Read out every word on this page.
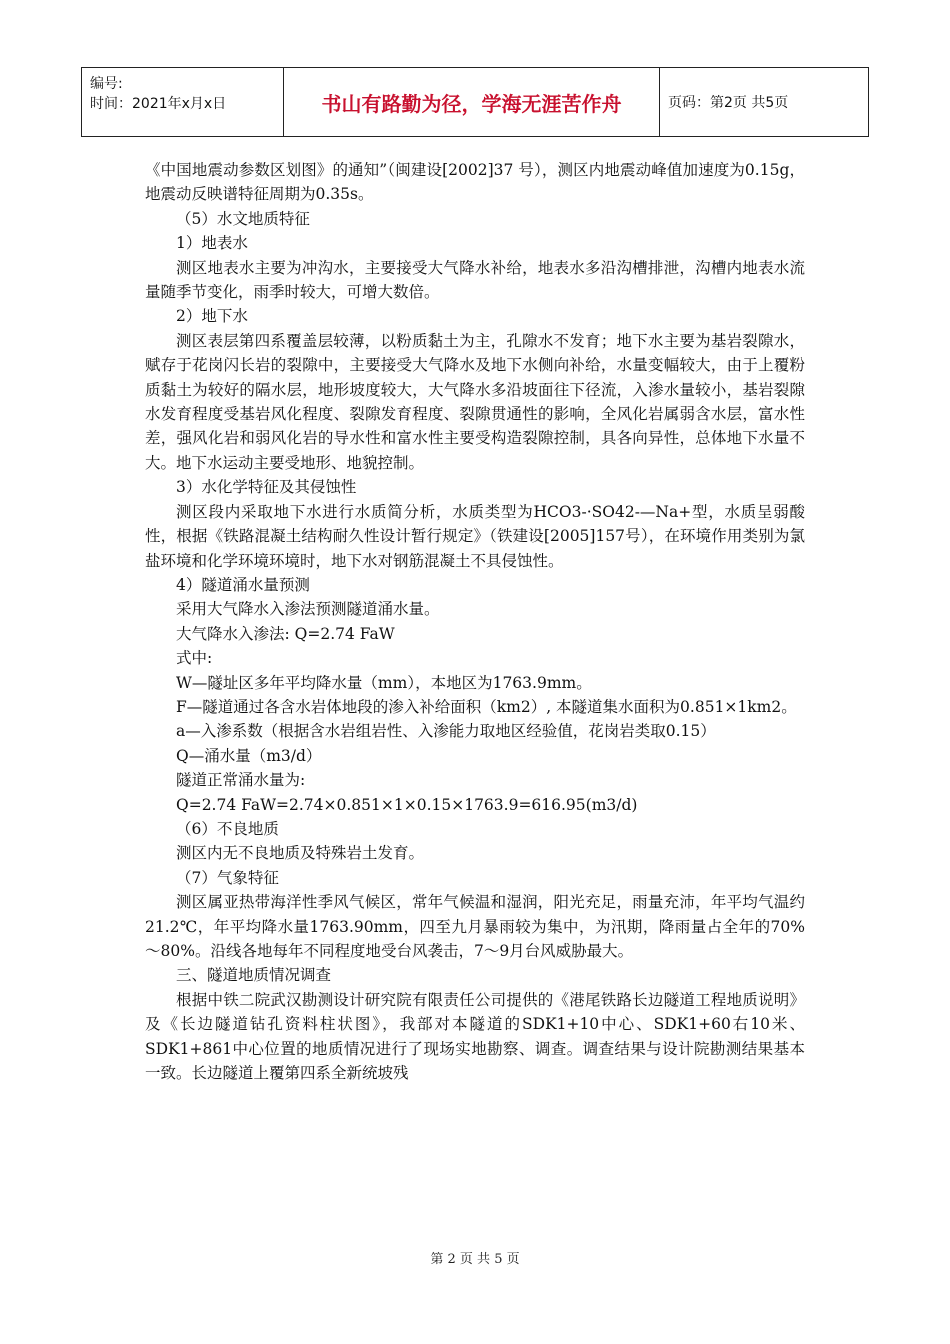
编号:
时间：2021年x月x日	书山有路勤为径，学海无涯苦作舟	页码：第2页 共5页

《中国地震动参数区划图》的通知”（闽建设[2002]37 号），测区内地震动峰值加速度为0.15g，地震动反映谱特征周期为0.35s。

（5）水文地质特征

1）地表水

测区地表水主要为冲沟水，主要接受大气降水补给，地表水多沿沟槽排泄，沟槽内地表水流量随季节变化，雨季时较大，可增大数倍。

2）地下水

测区表层第四系覆盖层较薄，以粉质黏土为主，孔隙水不发育；地下水主要为基岩裂隙水，赋存于花岗闪长岩的裂隙中，主要接受大气降水及地下水侧向补给，水量变幅较大，由于上覆粉质黏土为较好的隔水层，地形坡度较大，大气降水多沿坡面往下径流，入渗水量较小，基岩裂隙水发育程度受基岩风化程度、裂隙发育程度、裂隙贯通性的影响，全风化岩属弱含水层，富水性差，强风化岩和弱风化岩的导水性和富水性主要受构造裂隙控制，具各向异性，总体地下水量不大。地下水运动主要受地形、地貌控制。

3）水化学特征及其侵蚀性

测区段内采取地下水进行水质简分析，水质类型为HCO3-·SO42-—Na+型，水质呈弱酸性，根据《铁路混凝土结构耐久性设计暂行规定》（铁建设[2005]157号），在环境作用类别为氯盐环境和化学环境环境时，地下水对钢筋混凝土不具侵蚀性。

4）隧道涌水量预测

采用大气降水入渗法预测隧道涌水量。

大气降水入渗法: Q=2.74 FaW

式中:

W—隧址区多年平均降水量（mm），本地区为1763.9mm。

F—隧道通过各含水岩体地段的渗入补给面积（km2）, 本隧道集水面积为0.851×1km2。

a—入渗系数（根据含水岩组岩性、入渗能力取地区经验值，花岗岩类取0.15）

Q—涌水量（m3/d）

隧道正常涌水量为:

Q=2.74 FaW=2.74×0.851×1×0.15×1763.9=616.95(m3/d)

（6）不良地质

测区内无不良地质及特殊岩土发育。

（7）气象特征

测区属亚热带海洋性季风气候区，常年气候温和湿润，阳光充足，雨量充沛，年平均气温约21.2℃，年平均降水量1763.90mm，四至九月暴雨较为集中，为汛期，降雨量占全年的70%～80%。沿线各地每年不同程度地受台风袭击，7～9月台风威胁最大。

三、隧道地质情况调查

根据中铁二院武汉勘测设计研究院有限责任公司提供的《港尾铁路长边隧道工程地质说明》及《长边隧道钻孔资料柱状图》，我部对本隧道的SDK1+10中心、SDK1+60右10米、SDK1+861中心位置的地质情况进行了现场实地勘察、调查。调查结果与设计院勘测结果基本一致。长边隧道上覆第四系全新统坡残

第 2 页 共 5 页
